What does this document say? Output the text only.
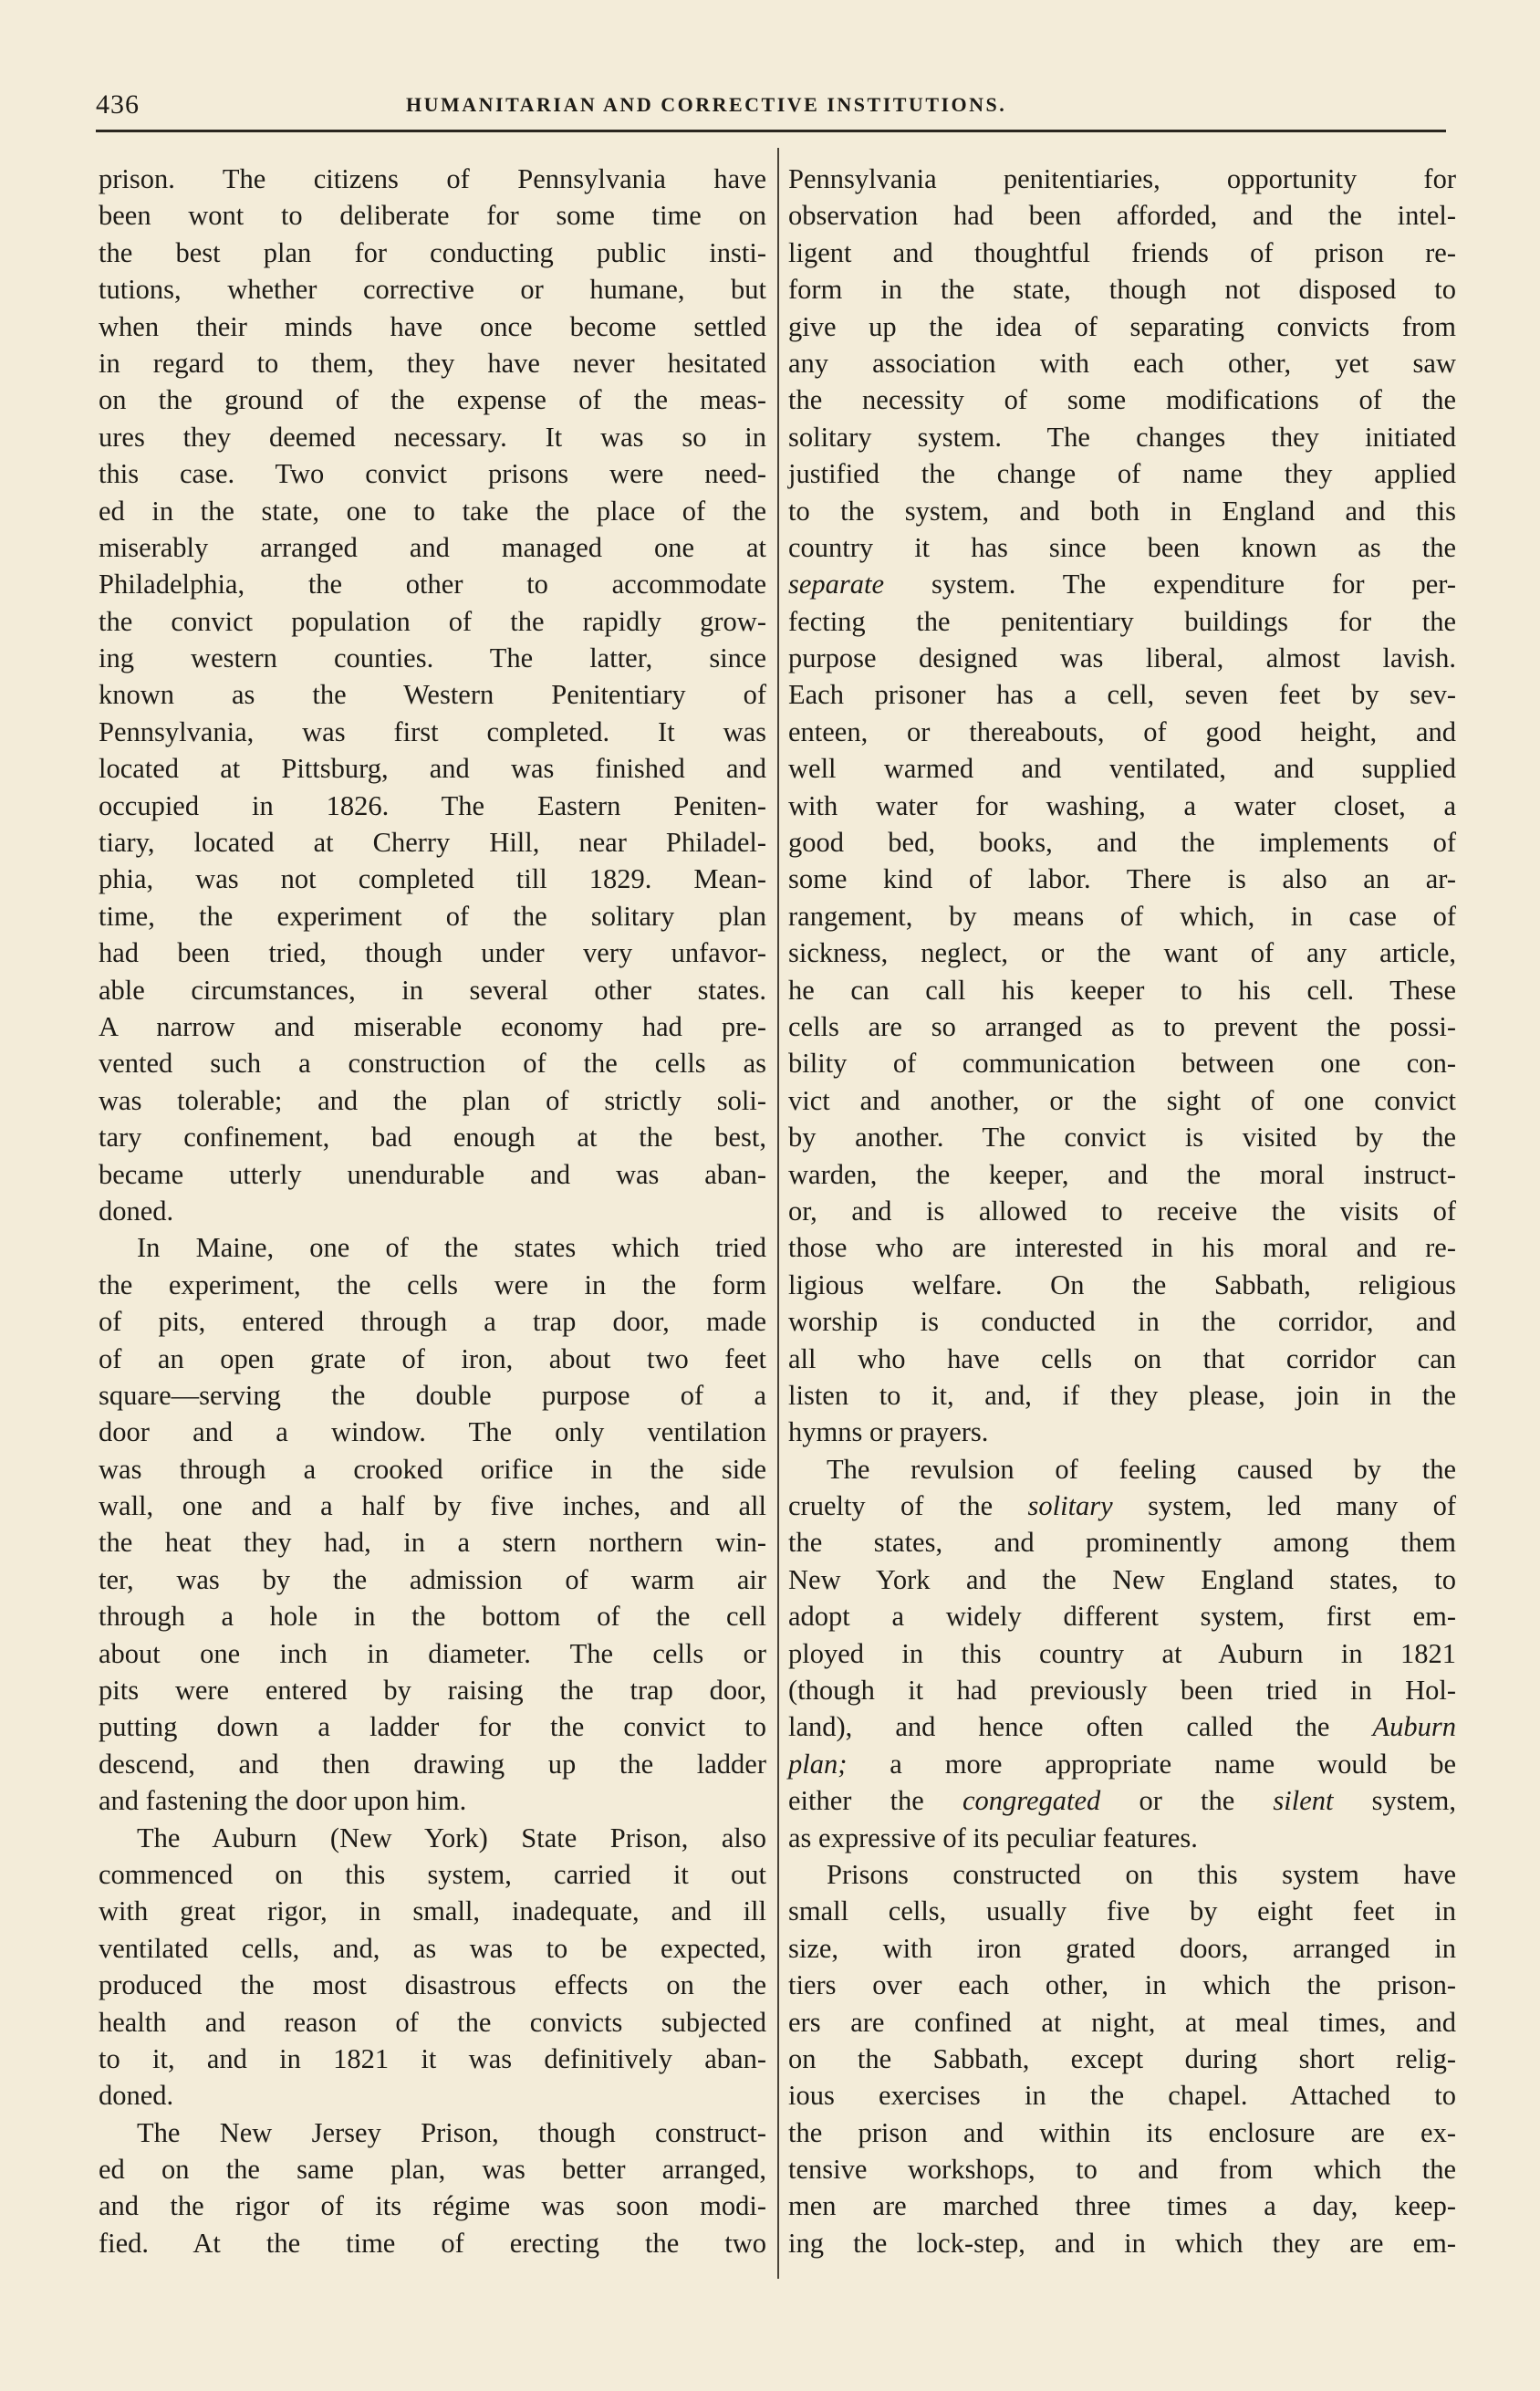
436	HUMANITARIAN AND CORRECTIVE INSTITUTIONS.
prison. The citizens of Pennsylvania have
been wont to deliberate for some time on
the best plan for conducting public insti-
tutions, whether corrective or humane, but
when their minds have once become settled
in regard to them, they have never hesitated
on the ground of the expense of the meas-
ures they deemed necessary. It was so in
this case. Two convict prisons were need-
ed in the state, one to take the place of the
miserably arranged and managed one at
Philadelphia, the other to accommodate
the convict population of the rapidly grow-
ing western counties. The latter, since
known as the Western Penitentiary of
Pennsylvania, was first completed. It was
located at Pittsburg, and was finished and
occupied in 1826. The Eastern Peniten-
tiary, located at Cherry Hill, near Philadel-
phia, was not completed till 1829. Mean-
time, the experiment of the solitary plan
had been tried, though under very unfavor-
able circumstances, in several other states.
A narrow and miserable economy had pre-
vented such a construction of the cells as
was tolerable; and the plan of strictly soli-
tary confinement, bad enough at the best,
became utterly unendurable and was aban-
doned.
In Maine, one of the states which tried
the experiment, the cells were in the form
of pits, entered through a trap door, made
of an open grate of iron, about two feet
square—serving the double purpose of a
door and a window. The only ventilation
was through a crooked orifice in the side
wall, one and a half by five inches, and all
the heat they had, in a stern northern win-
ter, was by the admission of warm air
through a hole in the bottom of the cell
about one inch in diameter. The cells or
pits were entered by raising the trap door,
putting down a ladder for the convict to
descend, and then drawing up the ladder
and fastening the door upon him.
The Auburn (New York) State Prison, also
commenced on this system, carried it out
with great rigor, in small, inadequate, and ill
ventilated cells, and, as was to be expected,
produced the most disastrous effects on the
health and reason of the convicts subjected
to it, and in 1821 it was definitively aban-
doned.
The New Jersey Prison, though construct-
ed on the same plan, was better arranged,
and the rigor of its régime was soon modi-
fied. At the time of erecting the two
Pennsylvania penitentiaries, opportunity for
observation had been afforded, and the intel-
ligent and thoughtful friends of prison re-
form in the state, though not disposed to
give up the idea of separating convicts from
any association with each other, yet saw
the necessity of some modifications of the
solitary system. The changes they initiated
justified the change of name they applied
to the system, and both in England and this
country it has since been known as the
separate system. The expenditure for per-
fecting the penitentiary buildings for the
purpose designed was liberal, almost lavish.
Each prisoner has a cell, seven feet by sev-
enteen, or thereabouts, of good height, and
well warmed and ventilated, and supplied
with water for washing, a water closet, a
good bed, books, and the implements of
some kind of labor. There is also an ar-
rangement, by means of which, in case of
sickness, neglect, or the want of any article,
he can call his keeper to his cell. These
cells are so arranged as to prevent the possi-
bility of communication between one con-
vict and another, or the sight of one convict
by another. The convict is visited by the
warden, the keeper, and the moral instruct-
or, and is allowed to receive the visits of
those who are interested in his moral and re-
ligious welfare. On the Sabbath, religious
worship is conducted in the corridor, and
all who have cells on that corridor can
listen to it, and, if they please, join in the
hymns or prayers.
The revulsion of feeling caused by the
cruelty of the solitary system, led many of
the states, and prominently among them
New York and the New England states, to
adopt a widely different system, first em-
ployed in this country at Auburn in 1821
(though it had previously been tried in Hol-
land), and hence often called the Auburn
plan; a more appropriate name would be
either the congregated or the silent system,
as expressive of its peculiar features.
Prisons constructed on this system have
small cells, usually five by eight feet in
size, with iron grated doors, arranged in
tiers over each other, in which the prison-
ers are confined at night, at meal times, and
on the Sabbath, except during short relig-
ious exercises in the chapel. Attached to
the prison and within its enclosure are ex-
tensive workshops, to and from which the
men are marched three times a day, keep-
ing the lock-step, and in which they are em-
